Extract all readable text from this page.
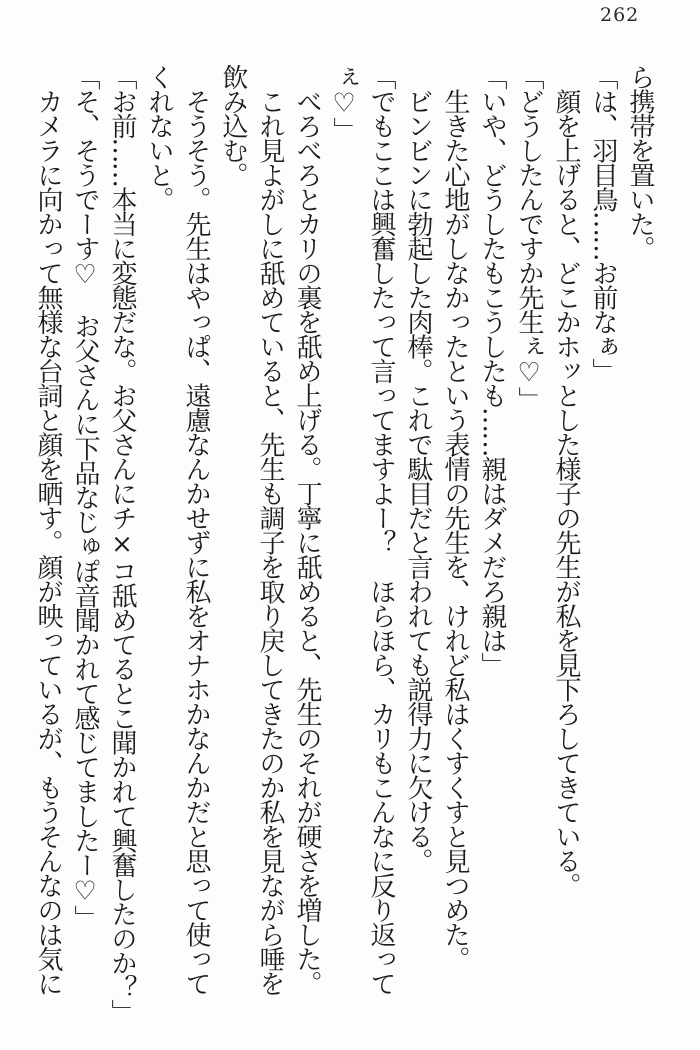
262
ら携帯を置いた。
「は、羽目鳥……お前なぁ」
　顔を上げると、どこかホッとした様子の先生が私を見下ろしてきている。
「どうしたんですか先生ぇ♡」
「いや、どうしたもこうしたも……親はダメだろ親は」
　生きた心地がしなかったという表情の先生を、けれど私はくすくすと見つめた。
　ビンビンに勃起した肉棒。これで駄目だと言われても説得力に欠ける。
「でもここは興奮したって言ってますよー？　ほらほら、カリもこんなに反り返って
ぇ♡」
　べろべろとカリの裏を舐め上げる。丁寧に舐めると、先生のそれが硬さを増した。
　これ見よがしに舐めていると、先生も調子を取り戻してきたのか私を見ながら唾を
飲み込む。
　そうそう。先生はやっぱ、遠慮なんかせずに私をオナホかなんかだと思って使って
くれないと。
「お前……本当に変態だな。お父さんにチ×コ舐めてるとこ聞かれて興奮したのか？」
「そ、そうでーす♡　お父さんに下品なじゅぽ音聞かれて感じてましたー♡」
　カメラに向かって無様な台詞と顔を晒す。顔が映っているが、もうそんなのは気に
